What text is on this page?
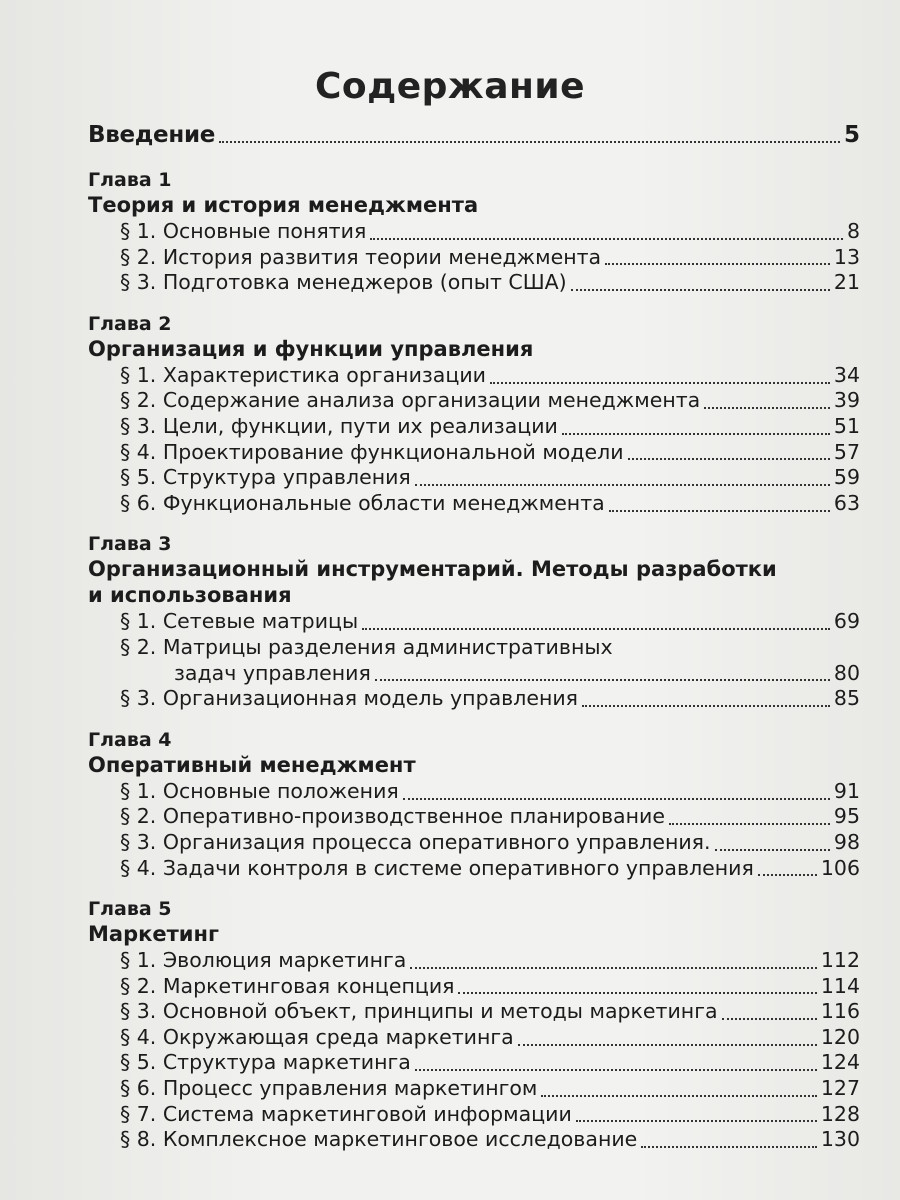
Содержание
Введение	5
Глава 1
Теория и история менеджмента
§ 1. Основные понятия	8
§ 2. История развития теории менеджмента	13
§ 3. Подготовка менеджеров (опыт США)	21
Глава 2
Организация и функции управления
§ 1. Характеристика организации	34
§ 2. Содержание анализа организации менеджмента	39
§ 3. Цели, функции, пути их реализации	51
§ 4. Проектирование функциональной модели	57
§ 5. Структура управления	59
§ 6. Функциональные области менеджмента	63
Глава 3
Организационный инструментарий. Методы разработки
и использования
§ 1. Сетевые матрицы	69
§ 2. Матрицы разделения административных
задач управления	80
§ 3. Организационная модель управления	85
Глава 4
Оперативный менеджмент
§ 1. Основные положения	91
§ 2. Оперативно-производственное планирование	95
§ 3. Организация процесса оперативного управления.	98
§ 4. Задачи контроля в системе оперативного управления	106
Глава 5
Маркетинг
§ 1. Эволюция маркетинга	112
§ 2. Маркетинговая концепция	114
§ 3. Основной объект, принципы и методы маркетинга	116
§ 4. Окружающая среда маркетинга	120
§ 5. Структура маркетинга	124
§ 6. Процесс управления маркетингом	127
§ 7. Система маркетинговой информации	128
§ 8. Комплексное маркетинговое исследование	130
